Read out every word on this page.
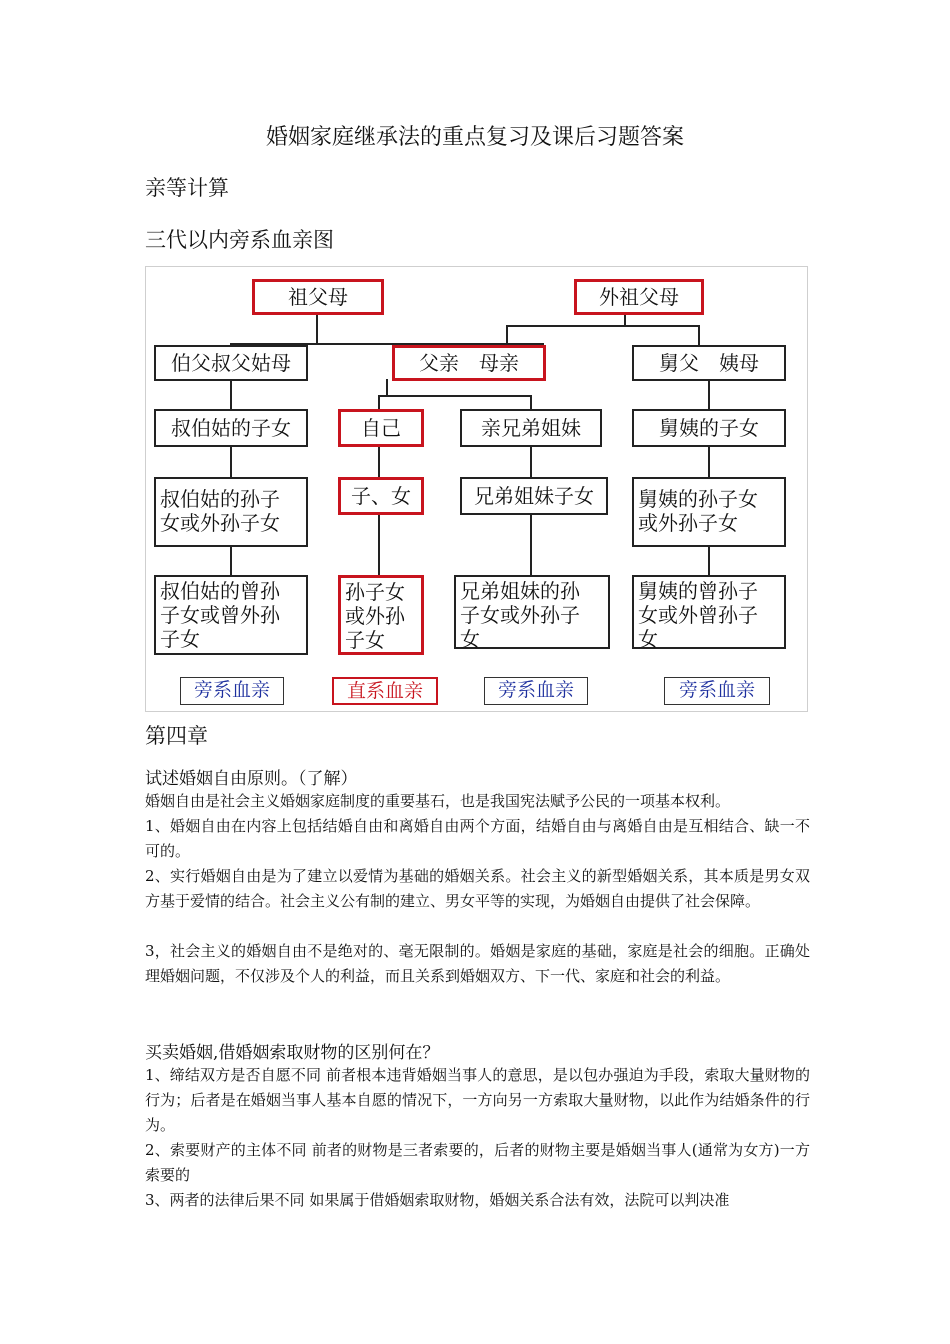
婚姻家庭继承法的重点复习及课后习题答案
亲等计算
三代以内旁系血亲图
祖父母	外祖父母
伯父叔父姑母	父亲　母亲	舅父　姨母
叔伯姑的子女	自己	亲兄弟姐妹	舅姨的子女
叔伯姑的孙子
女或外孙子女
子、女	兄弟姐妹子女	舅姨的孙子女
或外孙子女
叔伯姑的曾孙
子女或曾外孙
子女
孙子女
或外孙
子女
兄弟姐妹的孙
子女或外孙子
女
舅姨的曾孙子
女或外曾孙子
女
旁系血亲	直系血亲	旁系血亲	旁系血亲
第四章
试述婚姻自由原则。（了解）
婚姻自由是社会主义婚姻家庭制度的重要基石，也是我国宪法赋予公民的一项基本权利。
1、婚姻自由在内容上包括结婚自由和离婚自由两个方面，结婚自由与离婚自由是互相结合、缺一不可的。
2、实行婚姻自由是为了建立以爱情为基础的婚姻关系。社会主义的新型婚姻关系，其本质是男女双方基于爱情的结合。社会主义公有制的建立、男女平等的实现，为婚姻自由提供了社会保障。
3，社会主义的婚姻自由不是绝对的、毫无限制的。婚姻是家庭的基础，家庭是社会的细胞。正确处理婚姻问题，不仅涉及个人的利益，而且关系到婚姻双方、下一代、家庭和社会的利益。
买卖婚姻,借婚姻索取财物的区别何在？
1、缔结双方是否自愿不同 前者根本违背婚姻当事人的意思，是以包办强迫为手段，索取大量财物的行为；后者是在婚姻当事人基本自愿的情况下，一方向另一方索取大量财物，以此作为结婚条件的行为。
2、索要财产的主体不同 前者的财物是三者索要的，后者的财物主要是婚姻当事人(通常为女方)一方索要的
3、两者的法律后果不同 如果属于借婚姻索取财物，婚姻关系合法有效，法院可以判决准
